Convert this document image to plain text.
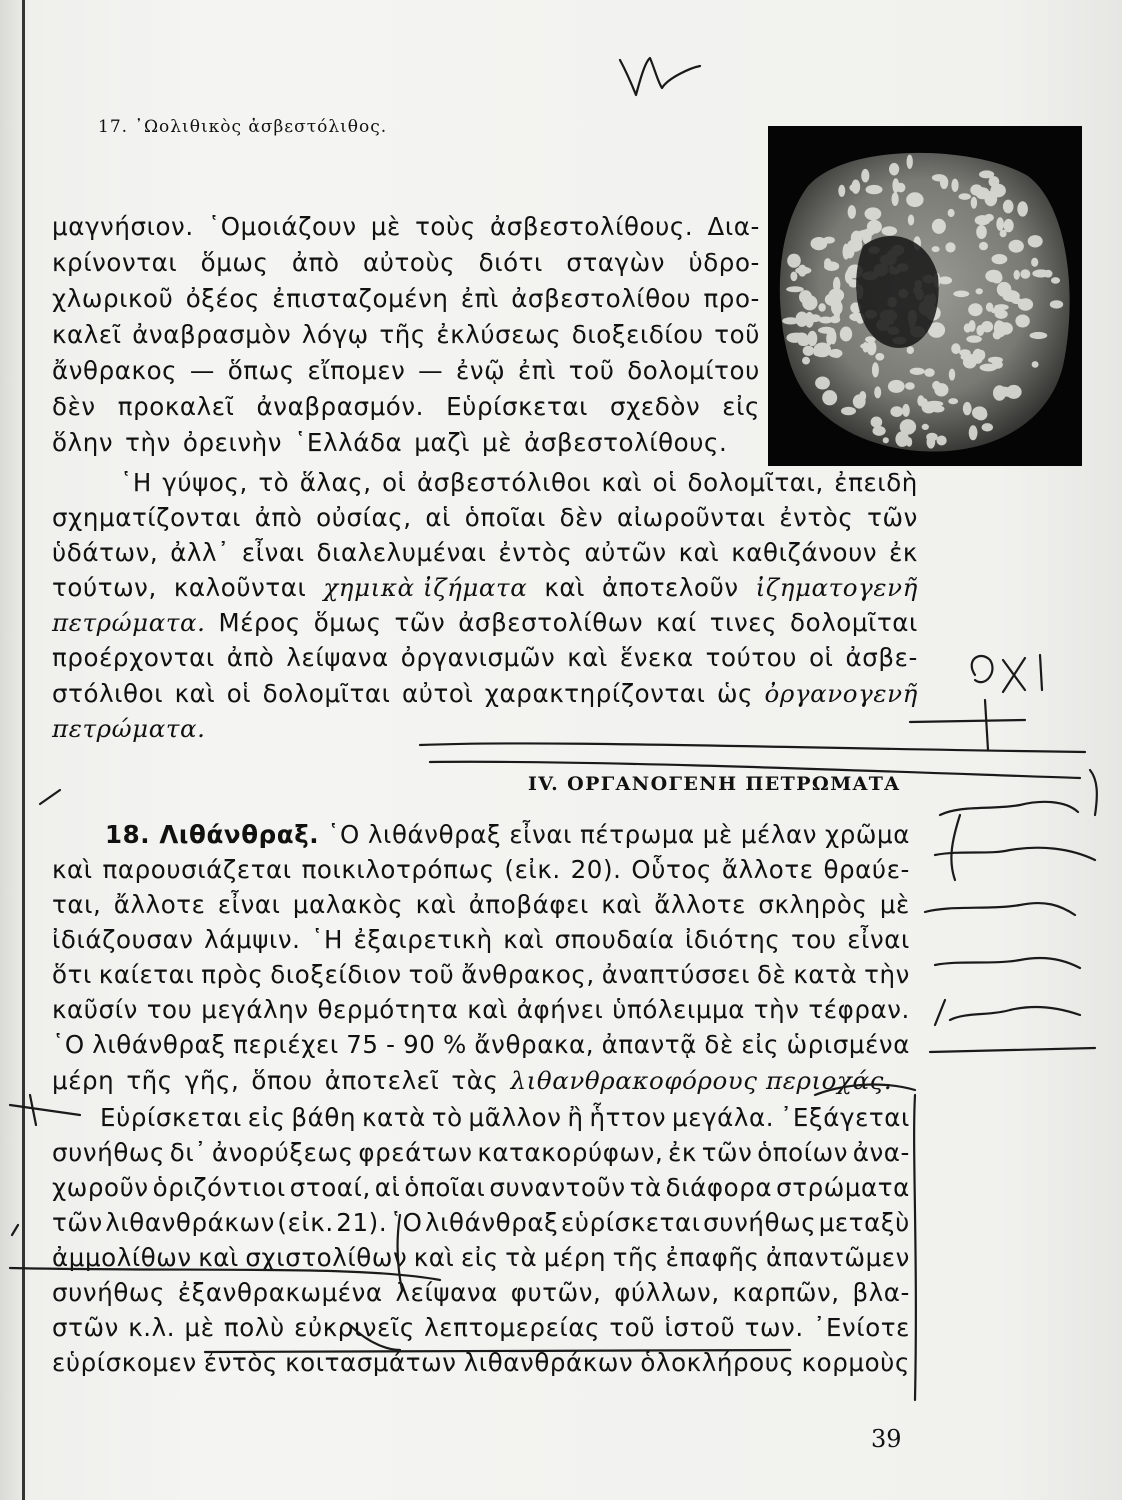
17. ᾿Ωολιθικὸς ἀσβεστόλιθος.
μαγνήσιον. ῾Ομοιάζουν μὲ τοὺς ἀσβεστολίθους. Δια-
κρίνονται ὅμως ἀπὸ αὐτοὺς διότι σταγὼν ὑδρο-
χλωρικοῦ ὀξέος ἐπισταζομένη ἐπὶ ἀσβεστολίθου προ-
καλεῖ ἀναβρασμὸν λόγῳ τῆς ἐκλύσεως διοξειδίου τοῦ
ἄνθρακος — ὅπως εἴπομεν — ἐνῷ ἐπὶ τοῦ δολομίτου
δὲν προκαλεῖ ἀναβρασμόν. Εὑρίσκεται σχεδὸν εἰς
ὅλην τὴν ὀρεινὴν ῾Ελλάδα μαζὶ μὲ ἀσβεστολίθους.
῾Η γύψος, τὸ ἅλας, οἱ ἀσβεστόλιθοι καὶ οἱ δολομῖται, ἐπειδὴ
σχηματίζονται ἀπὸ οὐσίας, αἱ ὁποῖαι δὲν αἰωροῦνται ἐντὸς τῶν
ὑδάτων, ἀλλ᾿ εἶναι διαλελυμέναι ἐντὸς αὐτῶν καὶ καθιζάνουν ἐκ
τούτων, καλοῦνται χημικὰ ἰζήματα καὶ ἀποτελοῦν ἰζηματογενῆ
πετρώματα. Μέρος ὅμως τῶν ἀσβεστολίθων καί τινες δολομῖται
προέρχονται ἀπὸ λείψανα ὀργανισμῶν καὶ ἕνεκα τούτου οἱ ἀσβε-
στόλιθοι καὶ οἱ δολομῖται αὐτοὶ χαρακτηρίζονται ὡς ὀργανογενῆ
πετρώματα.
18. Λιθάνθραξ. ῾Ο λιθάνθραξ εἶναι πέτρωμα μὲ μέλαν χρῶμα
καὶ παρουσιάζεται ποικιλοτρόπως (εἰκ. 20). Οὗτος ἄλλοτε θραύε-
ται, ἄλλοτε εἶναι μαλακὸς καὶ ἀποβάφει καὶ ἄλλοτε σκληρὸς μὲ
ἰδιάζουσαν λάμψιν. ῾Η ἐξαιρετικὴ καὶ σπουδαία ἰδιότης του εἶναι
ὅτι καίεται πρὸς διοξείδιον τοῦ ἄνθρακος, ἀναπτύσσει δὲ κατὰ τὴν
καῦσίν του μεγάλην θερμότητα καὶ ἀφήνει ὑπόλειμμα τὴν τέφραν.
῾Ο λιθάνθραξ περιέχει 75 - 90 % ἄνθρακα, ἀπαντᾷ δὲ εἰς ὡρισμένα
μέρη τῆς γῆς, ὅπου ἀποτελεῖ τὰς λιθανθρακοφόρους περιοχάς.
Εὑρίσκεται εἰς βάθη κατὰ τὸ μᾶλλον ἢ ἧττον μεγάλα. ᾿Εξάγεται
συνήθως δι᾿ ἀνορύξεως φρεάτων κατακορύφων, ἐκ τῶν ὁποίων ἀνα-
χωροῦν ὁριζόντιοι στοαί, αἱ ὁποῖαι συναντοῦν τὰ διάφορα στρώματα
τῶν λιθανθράκων (εἰκ. 21). ῾Ο λιθάνθραξ εὑρίσκεται συνήθως μεταξὺ
ἀμμολίθων καὶ σχιστολίθων καὶ εἰς τὰ μέρη τῆς ἐπαφῆς ἀπαντῶμεν
συνήθως ἐξανθρακωμένα λείψανα φυτῶν, φύλλων, καρπῶν, βλα-
στῶν κ.λ. μὲ πολὺ εὐκρινεῖς λεπτομερείας τοῦ ἱστοῦ των. ᾿Ενίοτε
εὑρίσκομεν ἐντὸς κοιτασμάτων λιθανθράκων ὁλοκλήρους κορμοὺς
IV. ΟΡΓΑΝΟΓΕΝΗ ΠΕΤΡΩΜΑΤΑ
39
